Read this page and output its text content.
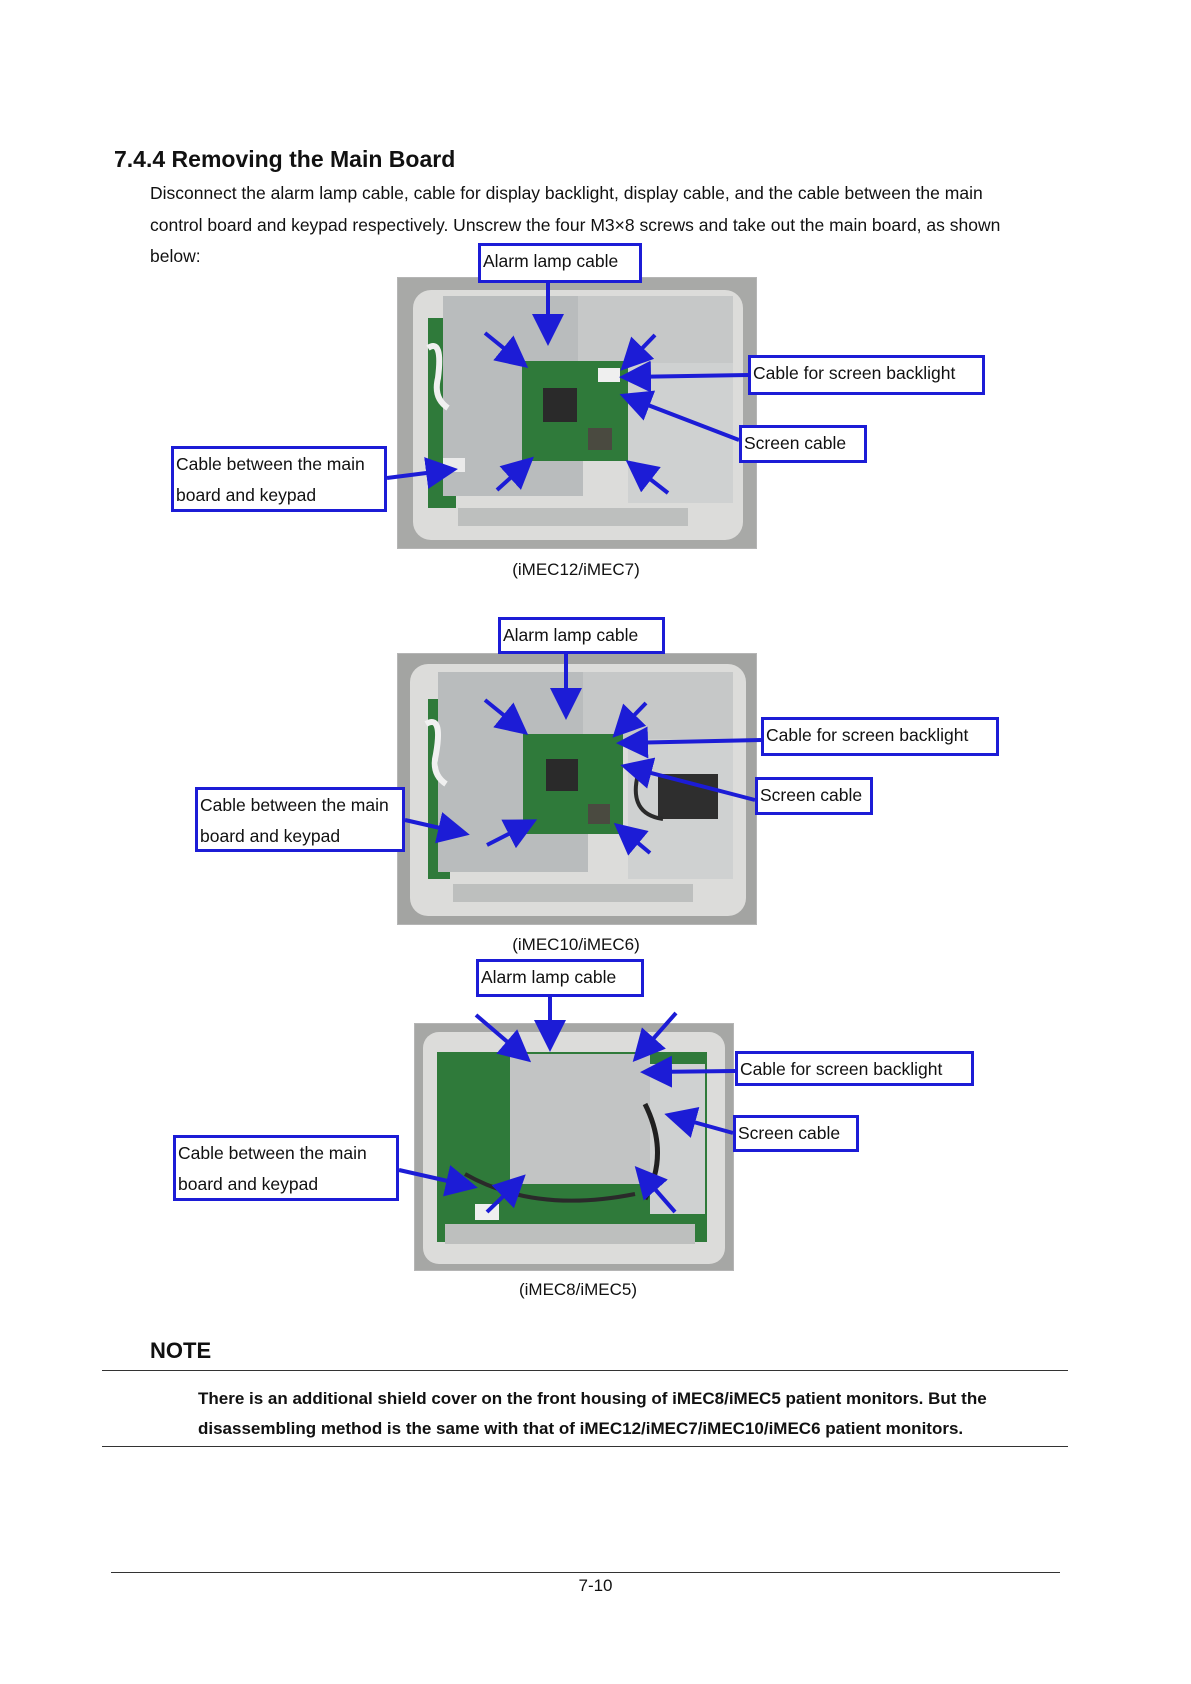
7.4.4 Removing the Main Board

Disconnect the alarm lamp cable, cable for display backlight, display cable, and the cable between the main control board and keypad respectively. Unscrew the four M3×8 screws and take out the main board, as shown below:	Alarm lamp cable
Cable for screen backlight
Screen cable
Cable between the main
board and keypad
(iMEC12/iMEC7)
Alarm lamp cable
Cable for screen backlight
Screen cable
Cable between the main
board and keypad
(iMEC10/iMEC6)
Alarm lamp cable
Cable for screen backlight
Screen cable
Cable between the main
board and keypad
(iMEC8/iMEC5)
NOTE
There is an additional shield cover on the front housing of iMEC8/iMEC5 patient monitors. But the disassembling method is the same with that of iMEC12/iMEC7/iMEC10/iMEC6 patient monitors.
7-10
